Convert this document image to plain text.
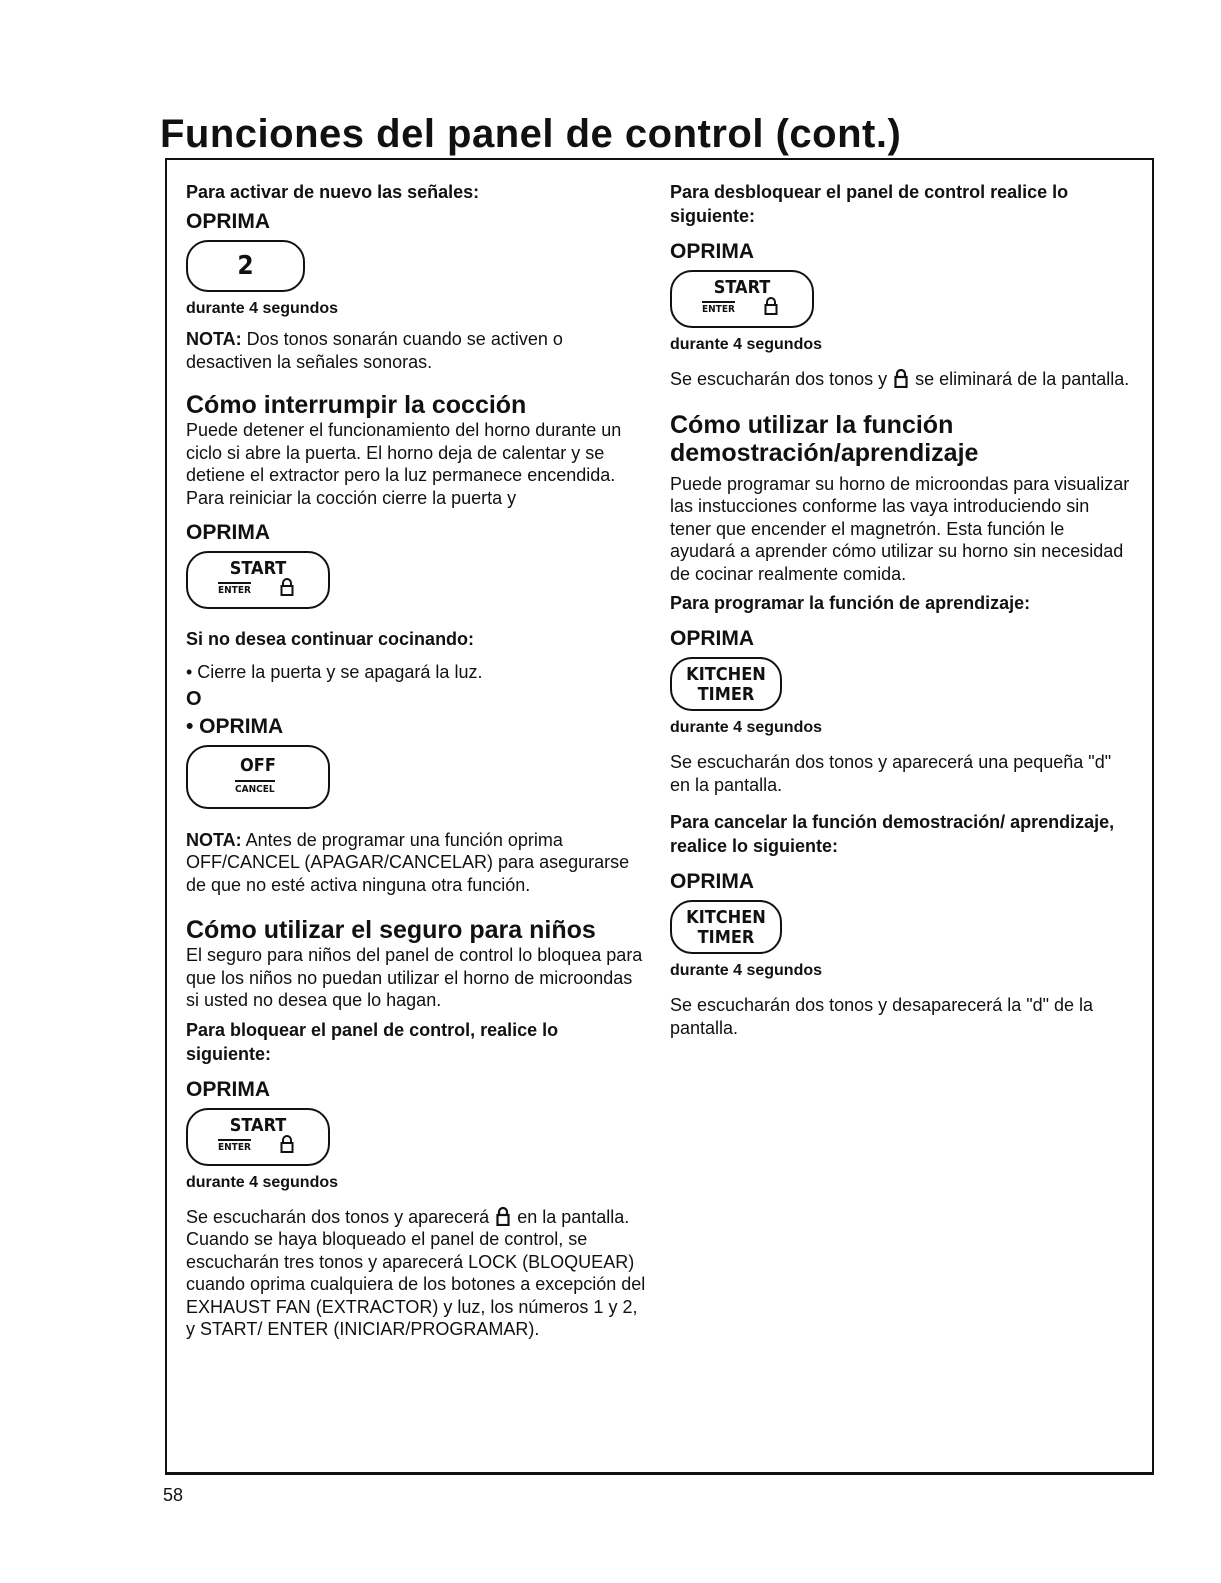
Funciones del panel de control (cont.)
58
Para activar de nuevo las señales:
OPRIMA
2
durante 4 segundos
NOTA: Dos tonos sonarán cuando se activen o desactiven la señales sonoras.
Cómo interrumpir la cocción
Puede detener el funcionamiento del horno durante un ciclo si abre la puerta. El horno deja de calentar y se detiene el extractor pero la luz permanece encendida. Para reiniciar la cocción cierre la puerta y
OPRIMA
START
ENTER
Si no desea continuar cocinando:
• Cierre la puerta y se apagará la luz.
O
• OPRIMA
OFF
CANCEL
NOTA: Antes de programar una función oprima OFF/CANCEL (APAGAR/CANCELAR) para asegurarse de que no esté activa ninguna otra función.
Cómo utilizar el seguro para niños
El seguro para niños del panel de control lo bloquea para que los niños no puedan utilizar el horno de microondas si usted no desea que lo hagan.
Para bloquear el panel de control, realice lo siguiente:
OPRIMA
START
ENTER
durante 4 segundos
Se escucharán dos tonos y aparecerá  en la pantalla. Cuando se haya bloqueado el panel de control, se escucharán tres tonos y aparecerá LOCK (BLOQUEAR) cuando oprima cualquiera de los botones a excepción del EXHAUST FAN (EXTRACTOR) y luz, los números 1 y 2, y START/ ENTER (INICIAR/PROGRAMAR).
Para desbloquear el panel de control realice lo siguiente:
OPRIMA
START
ENTER
durante 4 segundos
Se escucharán dos tonos y  se eliminará de la pantalla.
Cómo utilizar la función demostración/aprendizaje
Puede programar su horno de microondas para visualizar las instucciones conforme las vaya introduciendo sin tener que encender el magnetrón. Esta función le ayudará a aprender cómo utilizar su horno sin necesidad de cocinar realmente comida.
Para programar la función de aprendizaje:
OPRIMA
KITCHEN
TIMER
durante 4 segundos
Se escucharán dos tonos y aparecerá una pequeña "d" en la pantalla.
Para cancelar la función demostración/ aprendizaje, realice lo siguiente:
OPRIMA
KITCHEN
TIMER
durante 4 segundos
Se escucharán dos tonos y desaparecerá la "d" de la pantalla.
